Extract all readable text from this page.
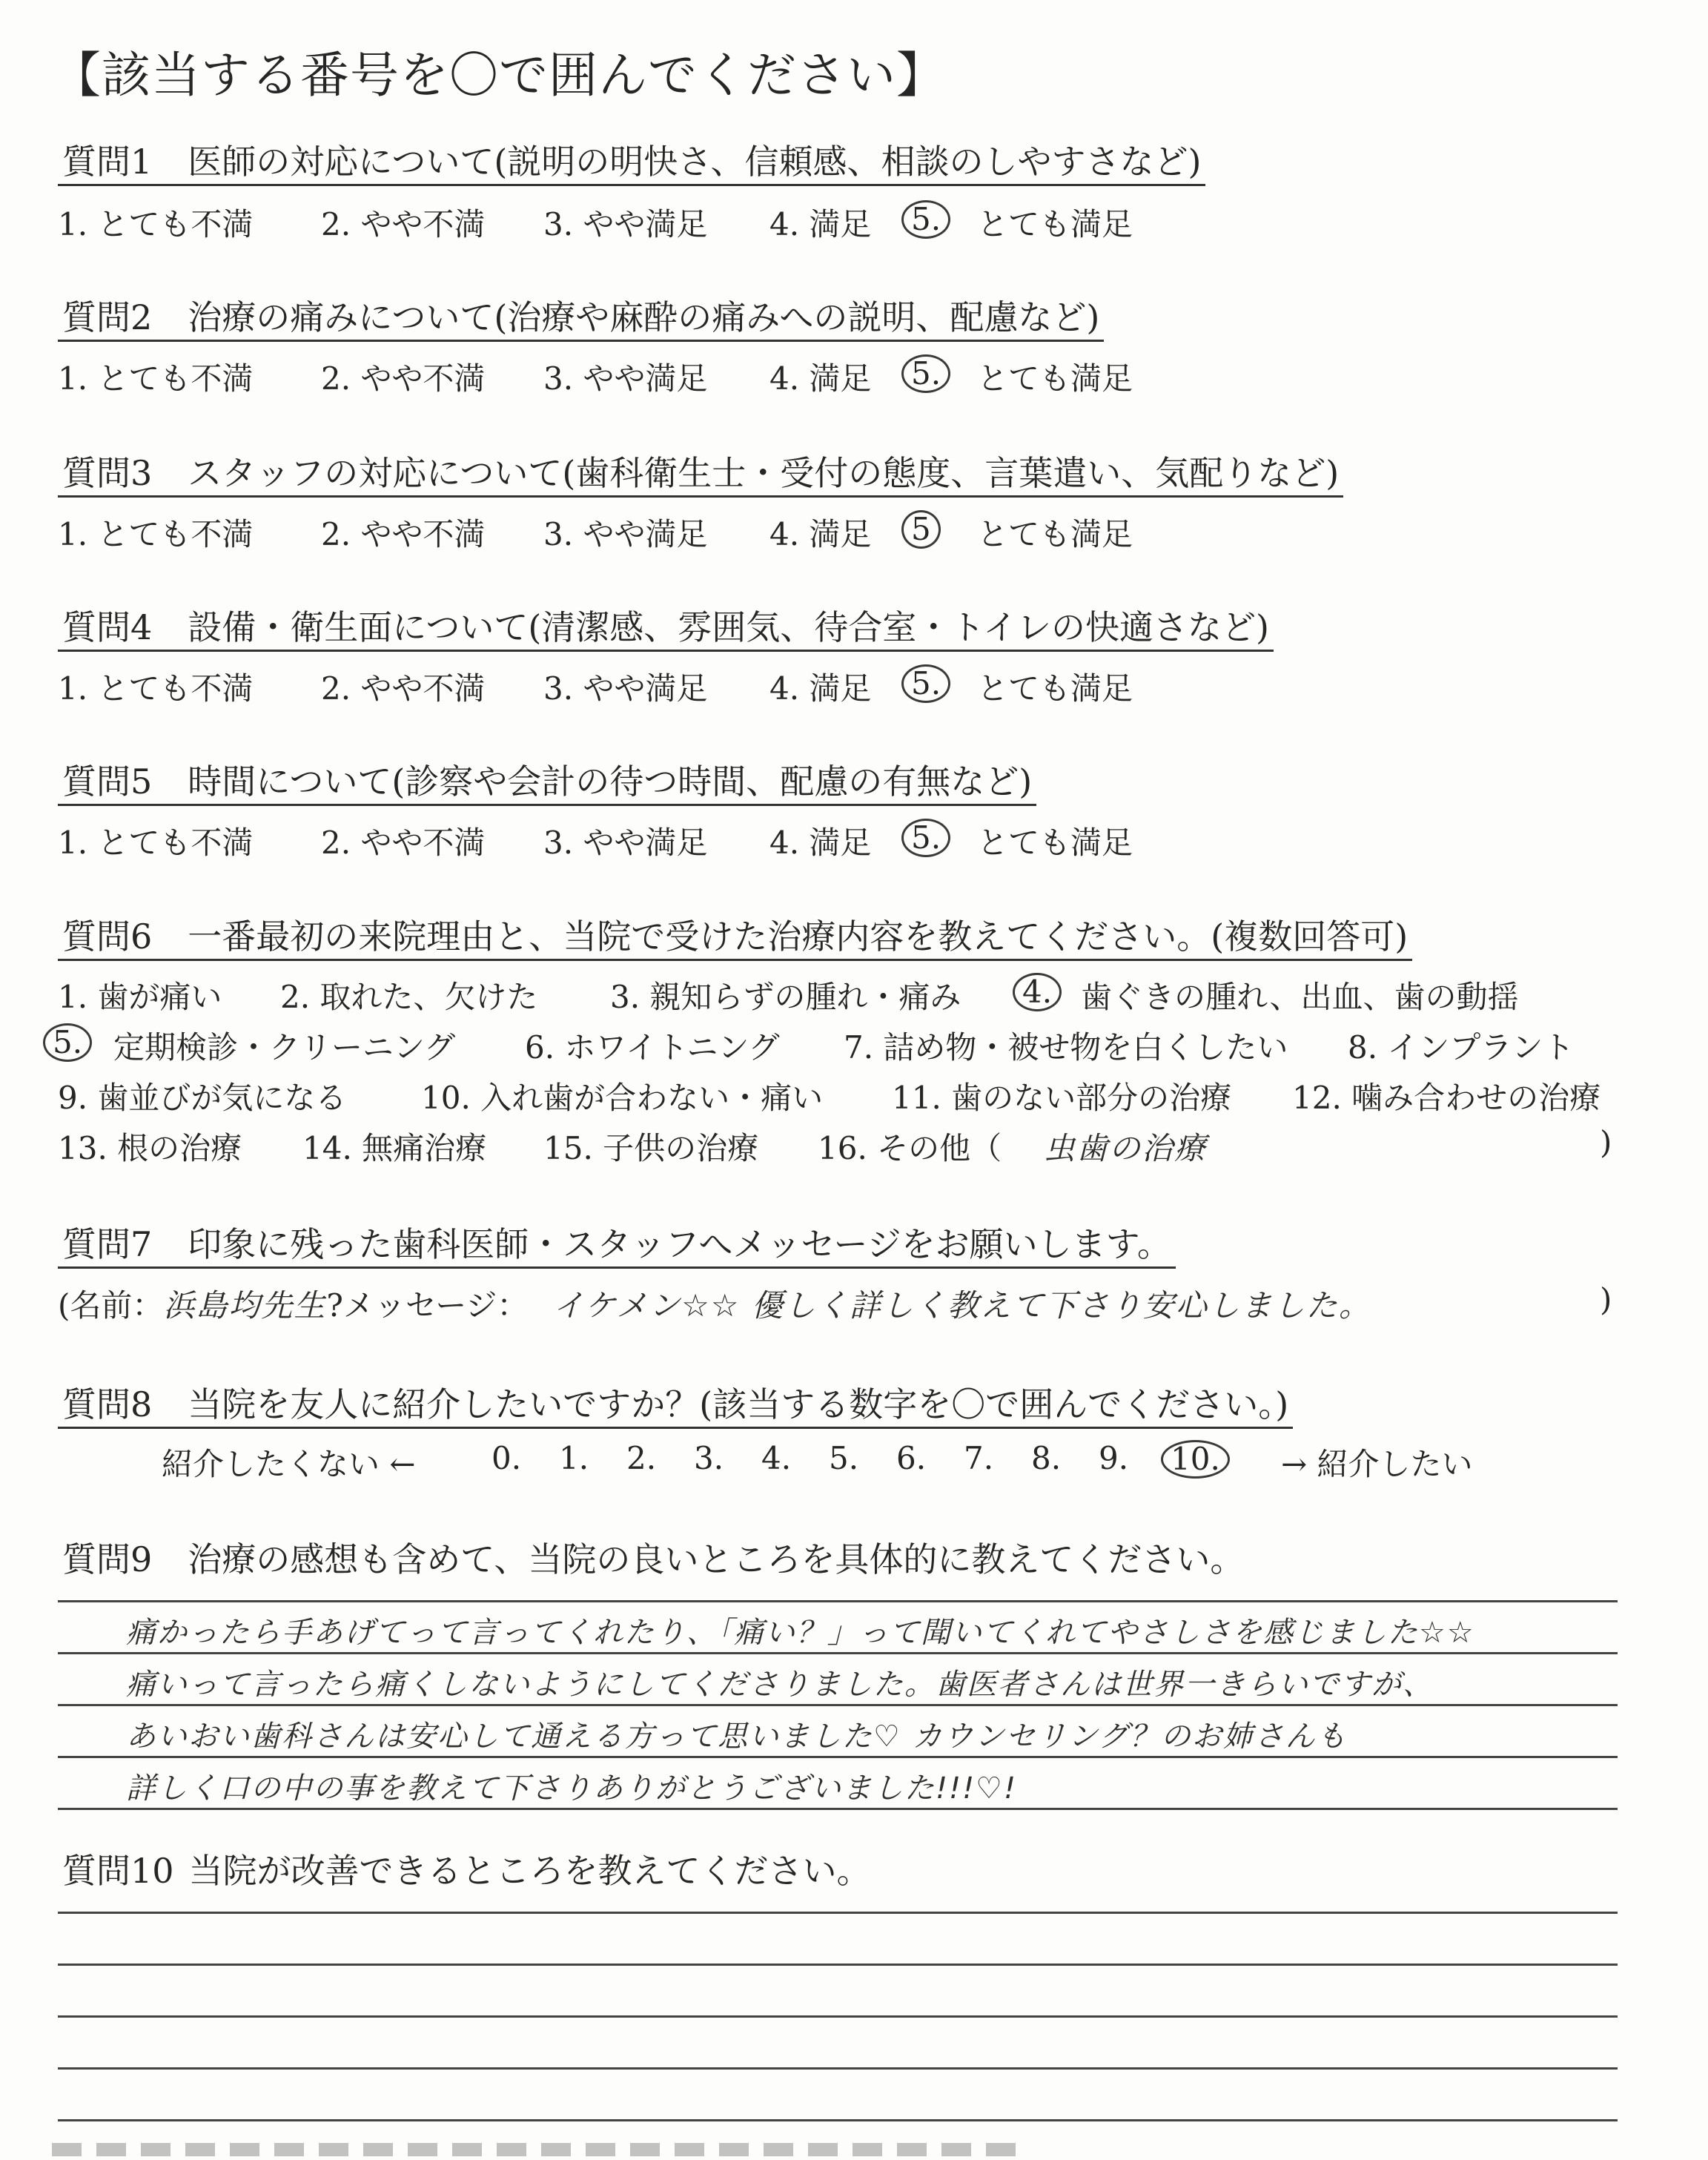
【該当する番号を〇で囲んでください】
質問1 医師の対応について(説明の明快さ、信頼感、相談のしやすさなど)
1. とても不満 2. やや不満 3. やや満足 4. 満足	5.	とても満足
質問2 治療の痛みについて(治療や麻酔の痛みへの説明、配慮など)
1. とても不満 2. やや不満 3. やや満足 4. 満足	5.	とても満足
質問3 スタッフの対応について(歯科衛生士・受付の態度、言葉遣い、気配りなど)
1. とても不満 2. やや不満 3. やや満足 4. 満足	5	とても満足
質問4 設備・衛生面について(清潔感、雰囲気、待合室・トイレの快適さなど)
1. とても不満 2. やや不満 3. やや満足 4. 満足	5.	とても満足
質問5 時間について(診察や会計の待つ時間、配慮の有無など)
1. とても不満 2. やや不満 3. やや満足 4. 満足	5.	とても満足
質問6 一番最初の来院理由と、当院で受けた治療内容を教えてください。(複数回答可)
1. 歯が痛い 2. 取れた、欠けた 3. 親知らずの腫れ・痛み	4. 歯ぐきの腫れ、出血、歯の動揺
5. 定期検診・クリーニング 6. ホワイトニング 7. 詰め物・被せ物を白くしたい 8. インプラント
9. 歯並びが気になる 10. 入れ歯が合わない・痛い 11. 歯のない部分の治療 12. 噛み合わせの治療
13. 根の治療 14. 無痛治療 15. 子供の治療 16. その他（ 虫歯の治療	)
質問7 印象に残った歯科医師・スタッフへメッセージをお願いします。
(名前：浜島均先生?メッセージ： イケメン☆☆ 優しく詳しく教えて下さり安心しました。	)
質問8 当院を友人に紹介したいですか？(該当する数字を〇で囲んでください。)
紹介したくない ← 0. 1. 2. 3. 4. 5. 6. 7. 8. 9.	10.	→ 紹介したい
質問9 治療の感想も含めて、当院の良いところを具体的に教えてください。
痛かったら手あげてって言ってくれたり、「痛い？」って聞いてくれてやさしさを感じました☆☆
痛いって言ったら痛くしないようにしてくださりました。歯医者さんは世界一きらいですが、
あいおい歯科さんは安心して通える方って思いました♡ カウンセリング？のお姉さんも
詳しく口の中の事を教えて下さりありがとうございました!!!♡!
質問10 当院が改善できるところを教えてください。
